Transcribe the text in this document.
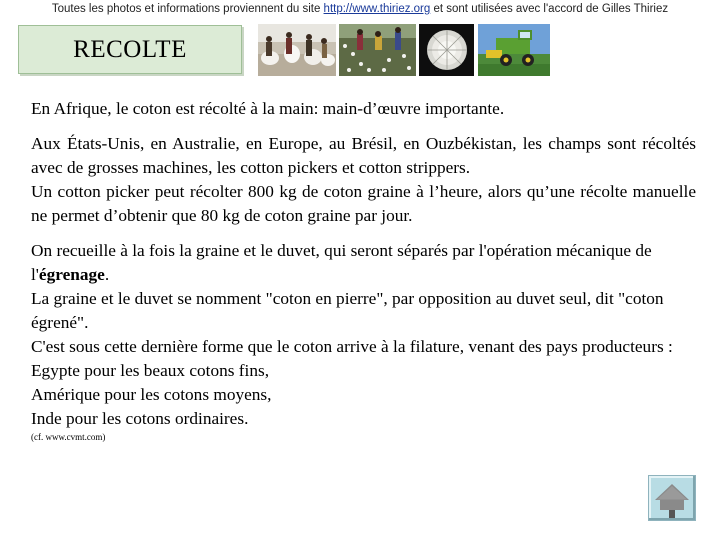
Toutes les photos et informations proviennent du site http://www.thiriez.org et sont utilisées avec l'accord de Gilles Thiriez
RECOLTE

En Afrique, le coton est récolté à la main: main-d’œuvre importante.

Aux États-Unis, en Australie, en Europe, au Brésil, en Ouzbékistan, les champs sont récoltés avec de grosses machines, les cotton pickers et cotton strippers.

Un cotton picker peut récolter 800 kg de coton graine à l’heure, alors qu’une récolte manuelle ne permet d’obtenir que 80 kg de coton graine par jour.

On recueille à la fois la graine et le duvet, qui seront séparés par l'opération mécanique de l'égrenage.

La graine et le duvet se nomment "coton en pierre", par opposition au duvet seul, dit "coton égrené".

C'est sous cette dernière forme que le coton arrive à la filature, venant des pays producteurs :

Egypte pour les beaux cotons fins,

Amérique pour les cotons moyens,

Inde pour les cotons ordinaires.

(cf. www.cvmt.com)
